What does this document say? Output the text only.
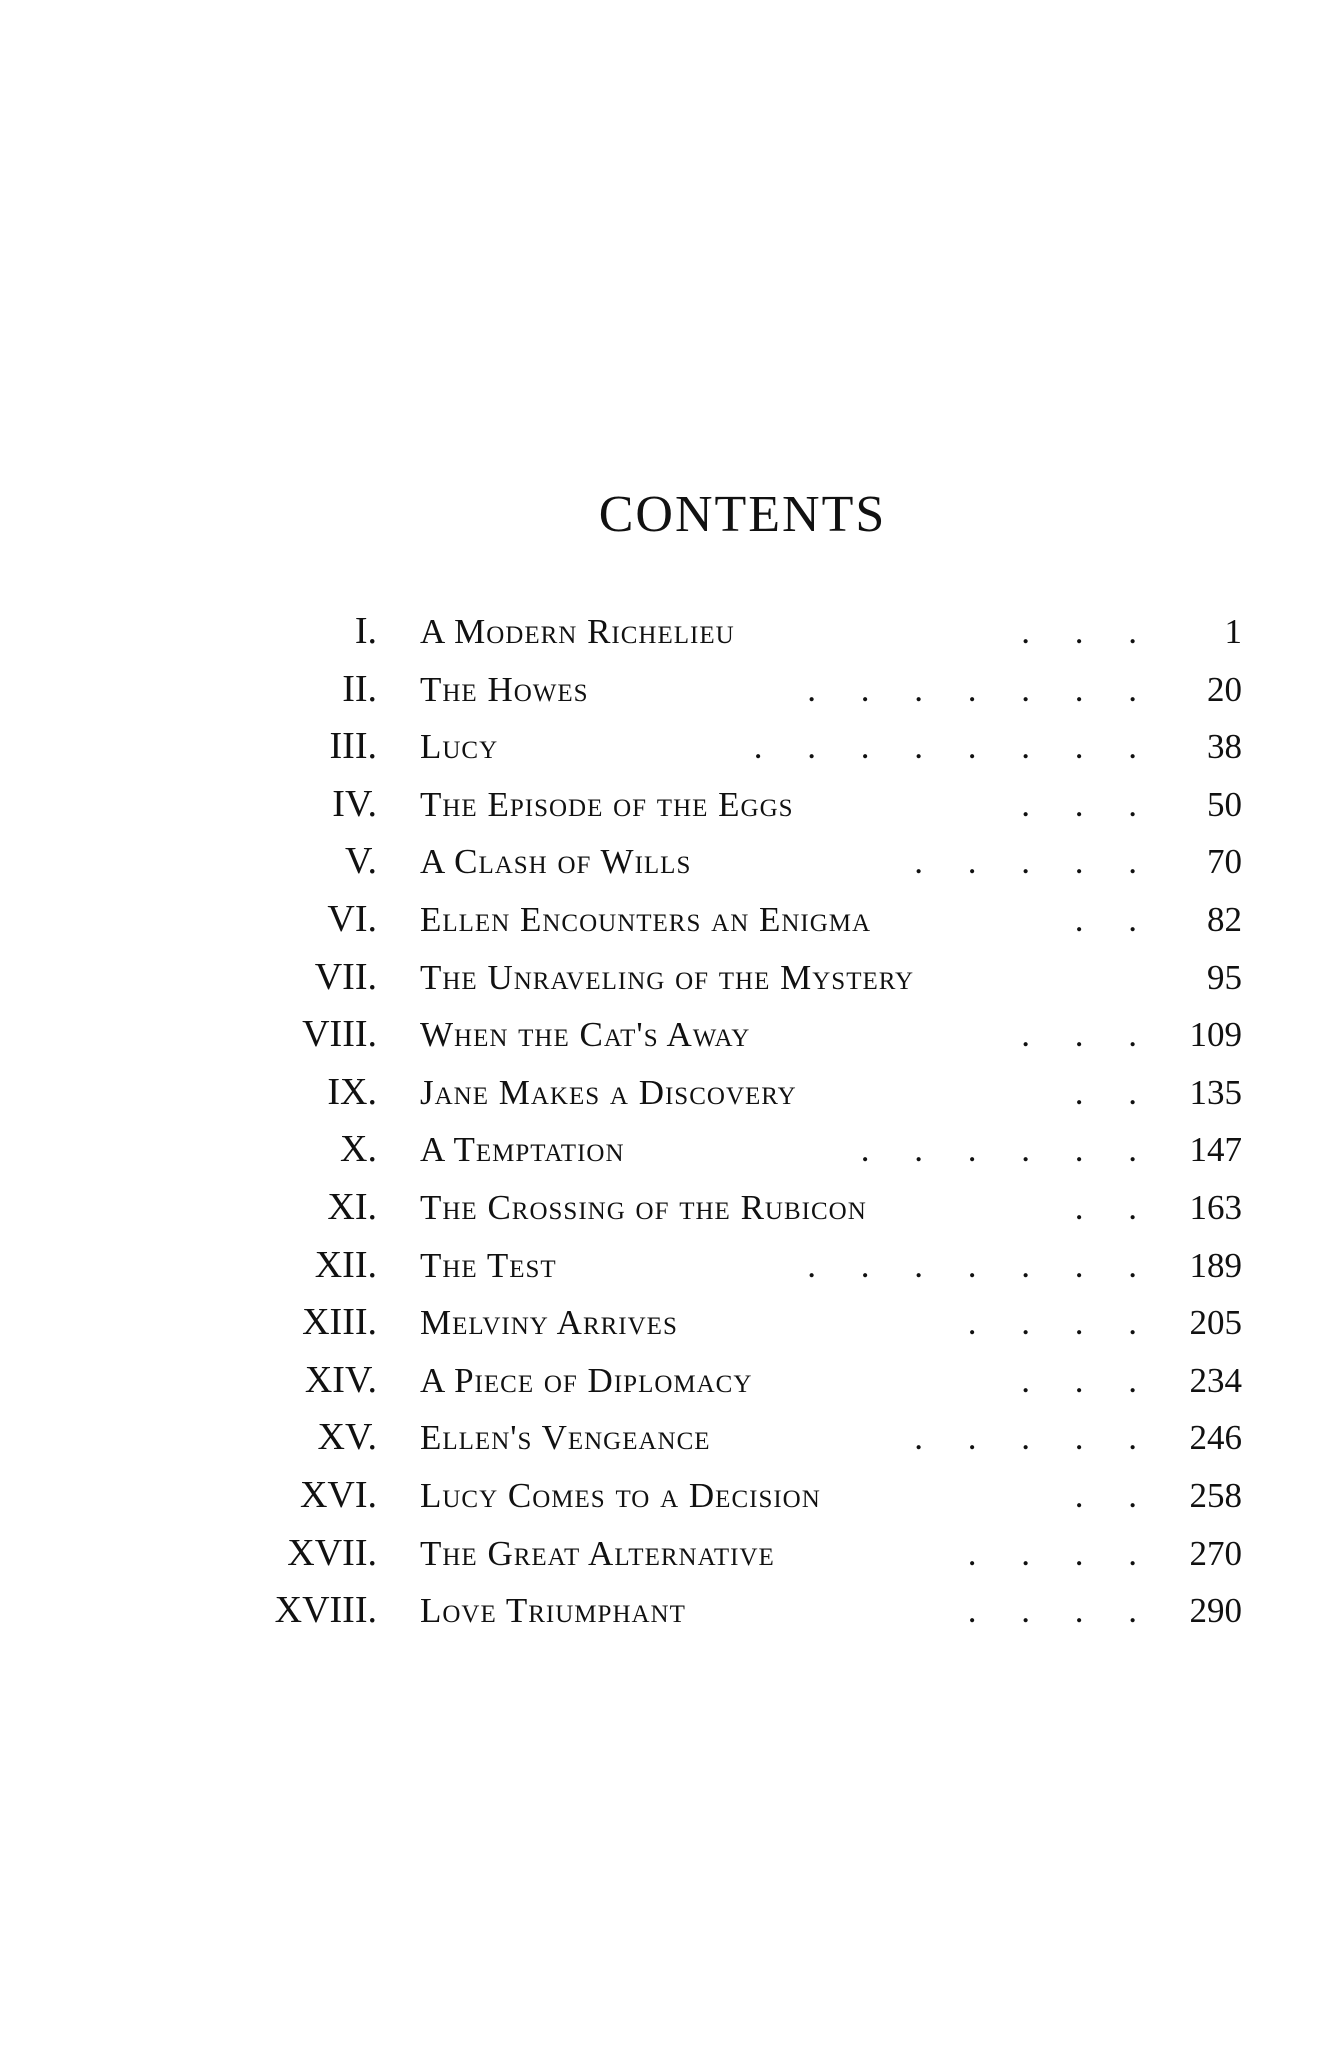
CONTENTS
I. A Modern Richelieu	. . . 1
II. The Howes	. . . . . . . 20
III. Lucy	. . . . . . . . 38
IV. The Episode of the Eggs	. . . 50
V. A Clash of Wills	. . . . . 70
VI. Ellen Encounters an Enigma	. . 82
VII. The Unraveling of the Mystery	95
VIII. When the Cat's Away	. . . 109
IX. Jane Makes a Discovery	. . 135
X. A Temptation	. . . . . . 147
XI. The Crossing of the Rubicon	. . 163
XII. The Test	. . . . . . . 189
XIII. Melviny Arrives	. . . . 205
XIV. A Piece of Diplomacy	. . . 234
XV. Ellen's Vengeance	. . . . . 246
XVI. Lucy Comes to a Decision	. . 258
XVII. The Great Alternative	. . . . 270
XVIII. Love Triumphant	. . . . 290
